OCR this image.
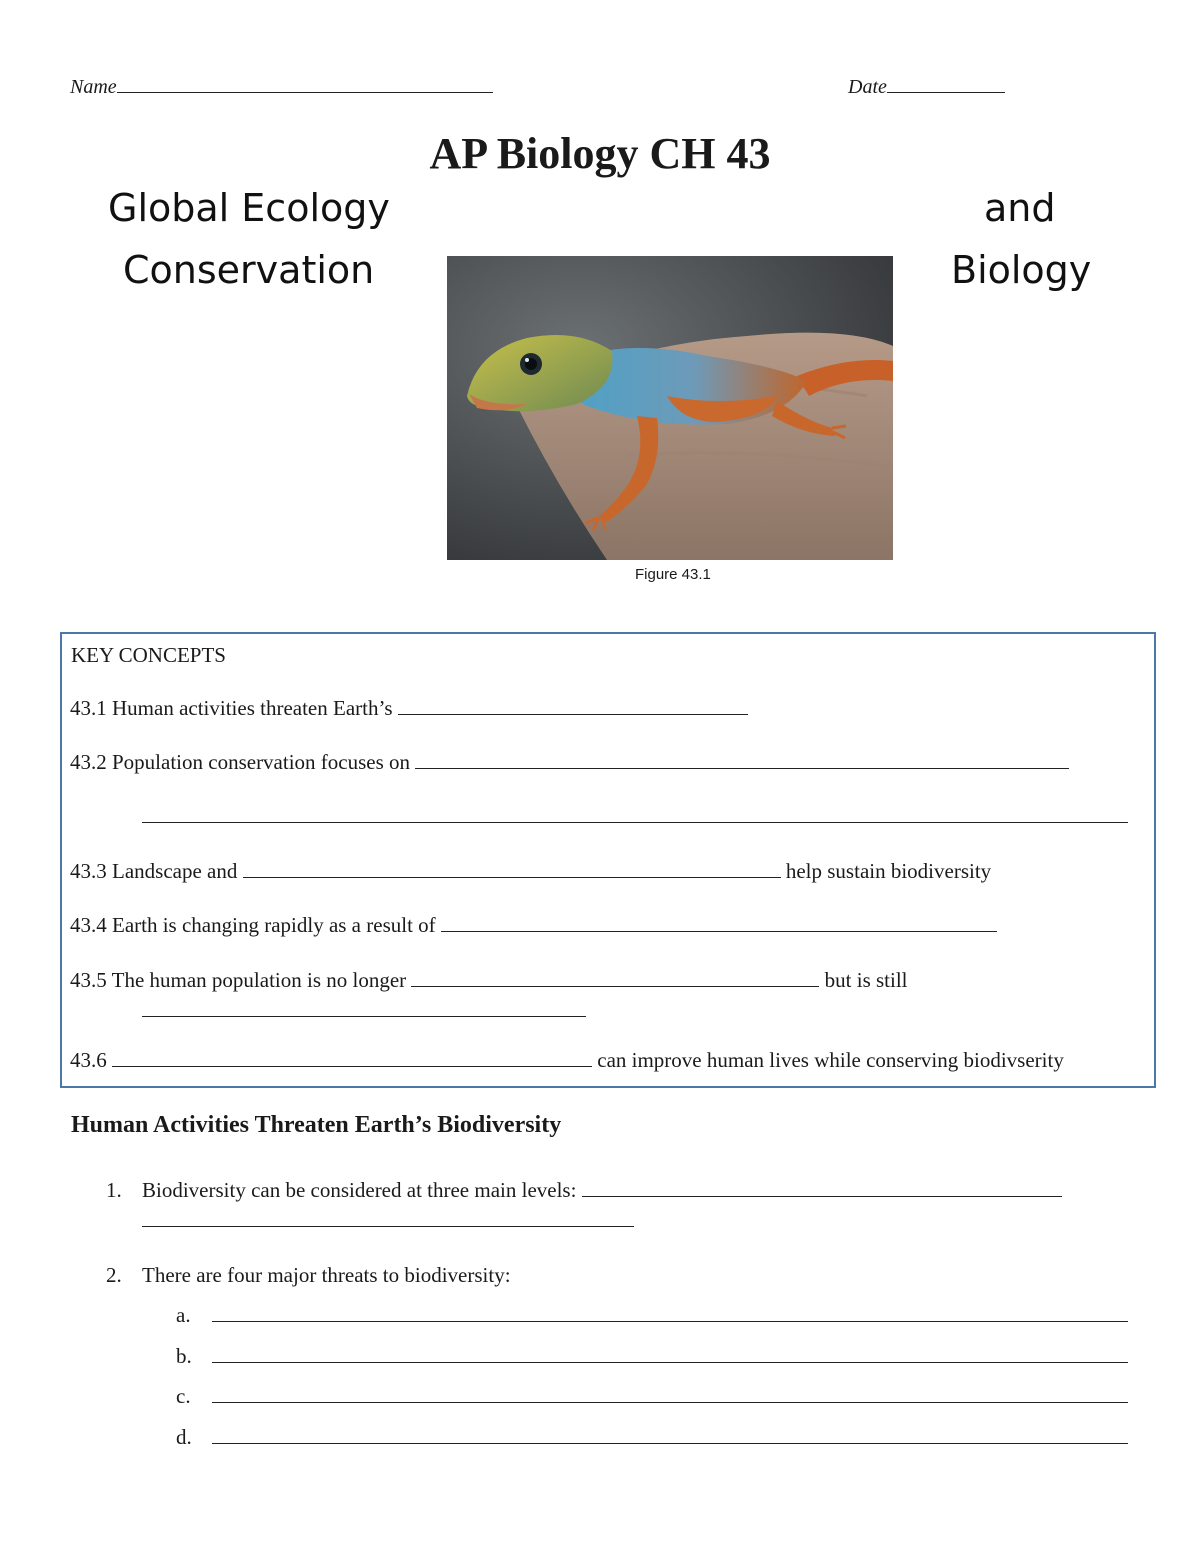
Name	Date
AP Biology CH 43
Global Ecology	and
Conservation	Biology
Figure 43.1
KEY CONCEPTS
43.1 Human activities threaten Earth’s
43.2 Population conservation focuses on
43.3 Landscape and	help sustain biodiversity
43.4 Earth is changing rapidly as a result of
43.5 The human population is no longer	but is still
43.6	can improve human lives while conserving biodivserity
Human Activities Threaten Earth’s Biodiversity
1. Biodiversity can be considered at three main levels:
2. There are four major threats to biodiversity:
a.
b.
c.
d.
